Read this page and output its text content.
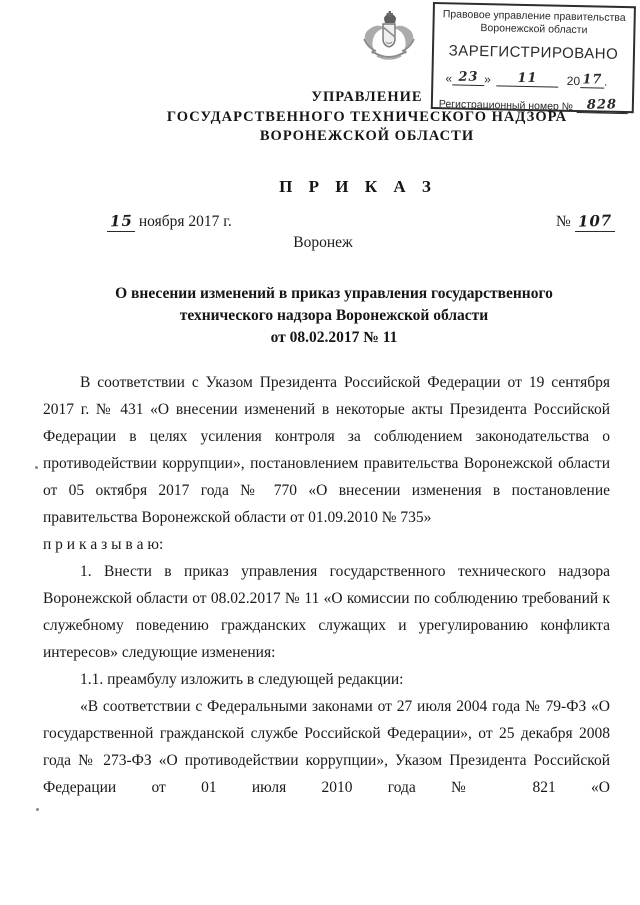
Правовое управление правительства
Воронежской области
ЗАРЕГИСТРИРОВАНО
« 23 »	11	20 17 .
Регистрационный номер №	828
УПРАВЛЕНИЕ
ГОСУДАРСТВЕННОГО ТЕХНИЧЕСКОГО НАДЗОРА
ВОРОНЕЖСКОЙ ОБЛАСТИ
П Р И К А З
15 ноября 2017 г.	№ 107
Воронеж
О внесении изменений в приказ управления государственного
технического надзора Воронежской области
от 08.02.2017 № 11

В соответствии с Указом Президента Российской Федерации от 19 сентября 2017 г. № 431 «О внесении изменений в некоторые акты Президента Российской Федерации в целях усиления контроля за соблюдением законодательства о противодействии коррупции», постановлением правительства Воронежской области от 05 октября 2017 года № 770 «О внесении изменения в постановление правительства Воронежской области от 01.09.2010 № 735»

п р и к а з ы в а ю:

1. Внести в приказ управления государственного технического надзора Воронежской области от 08.02.2017 № 11 «О комиссии по соблюдению требований к служебному поведению гражданских служащих и урегулированию конфликта интересов» следующие изменения:

1.1. преамбулу изложить в следующей редакции:

«В соответствии с Федеральными законами от 27 июля 2004 года № 79-ФЗ «О государственной гражданской службе Российской Федерации», от 25 декабря 2008 года № 273-ФЗ «О противодействии коррупции», Указом Президента Российской Федерации от 01 июля 2010 года № 821 «О
